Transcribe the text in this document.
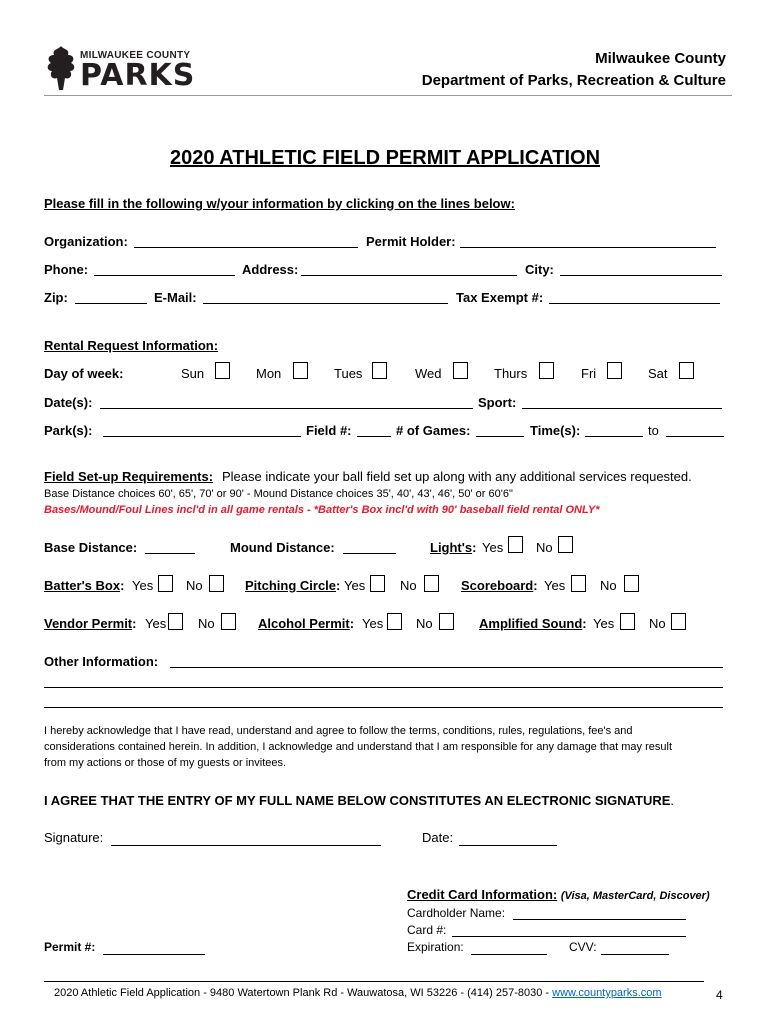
MILWAUKEE COUNTY
PARKS	Milwaukee County
Department of Parks, Recreation & Culture
2020 ATHLETIC FIELD PERMIT APPLICATION
Please fill in the following w/your information by clicking on the lines below:
Organization:	Permit Holder:
Phone:	Address:	City:
Zip:	E-Mail:	Tax Exempt #:
Rental Request Information:
Day of week:	Sun	Mon	Tues	Wed	Thurs	Fri	Sat
Date(s):	Sport:
Park(s):	Field #:	# of Games:	Time(s):	to
Field Set-up Requirements: Please indicate your ball field set up along with any additional services requested.
Base Distance choices 60', 65', 70' or 90' - Mound Distance choices 35', 40', 43', 46', 50' or 60'6"
Bases/Mound/Foul Lines incl'd in all game rentals - *Batter's Box incl'd with 90' baseball field rental ONLY*
Base Distance:	Mound Distance:	Light's: Yes	No
Batter's Box: Yes	No	Pitching Circle: Yes	No	Scoreboard: Yes	No
Vendor Permit: Yes No	Alcohol Permit: Yes	No	Amplified Sound: Yes	No
Other Information:
I hereby acknowledge that I have read, understand and agree to follow the terms, conditions, rules, regulations, fee's and
considerations contained herein. In addition, I acknowledge and understand that I am responsible for any damage that may result
from my actions or those of my guests or invitees.
I AGREE THAT THE ENTRY OF MY FULL NAME BELOW CONSTITUTES AN ELECTRONIC SIGNATURE.
Signature:	Date:
Credit Card Information: (Visa, MasterCard, Discover)
Cardholder Name:
Card #:
Expiration:	CVV:
Permit #:
2020 Athletic Field Application - 9480 Watertown Plank Rd - Wauwatosa, WI 53226 - (414) 257-8030 - www.countyparks.com	4
